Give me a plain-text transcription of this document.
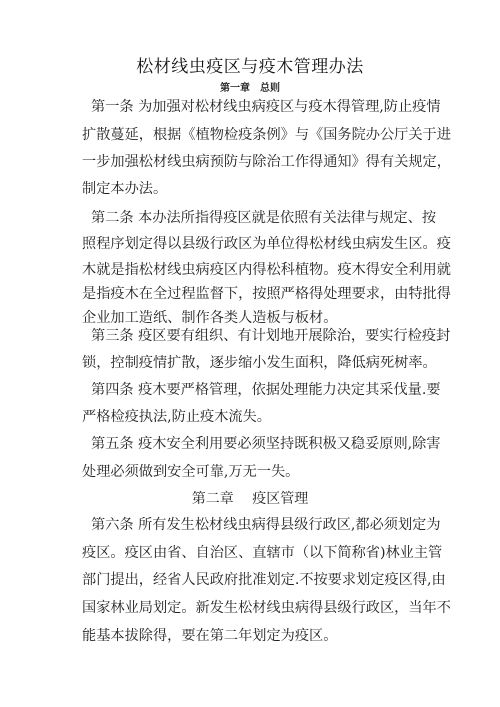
松材线虫疫区与疫木管理办法
第一章　总则
第一条 为加强对松材线虫病疫区与疫木得管理,防止疫情
扩散蔓延，根据《植物检疫条例》与《国务院办公厅关于进
一步加强松材线虫病预防与除治工作得通知》得有关规定，
制定本办法。
第二条 本办法所指得疫区就是依照有关法律与规定、按
照程序划定得以县级行政区为单位得松材线虫病发生区。疫
木就是指松材线虫病疫区内得松科植物。疫木得安全利用就
是指疫木在全过程监督下，按照严格得处理要求，由特批得
企业加工造纸、制作各类人造板与板材。
第三条 疫区要有组织、有计划地开展除治，要实行检疫封
锁，控制疫情扩散，逐步缩小发生面积，降低病死树率。
第四条 疫木要严格管理，依据处理能力决定其采伐量.要
严格检疫执法,防止疫木流失。
第五条 疫木安全利用要必须坚持既积极又稳妥原则,除害
处理必须做到安全可靠,万无一失。
第二章　 疫区管理
第六条 所有发生松材线虫病得县级行政区,都必须划定为
疫区。疫区由省、自治区、直辖市（以下简称省)林业主管
部门提出，经省人民政府批准划定.不按要求划定疫区得,由
国家林业局划定。新发生松材线虫病得县级行政区，当年不
能基本拔除得，要在第二年划定为疫区。
